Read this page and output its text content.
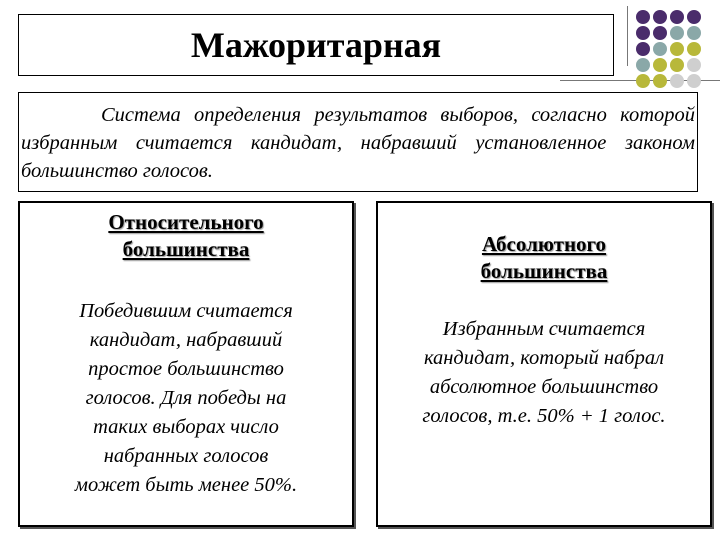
Мажоритарная
Система определения результатов выборов, согласно которой избранным считается кандидат, набравший установленное законом большинство голосов.
Относительного большинства
Победившим считается кандидат, набравший простое большинство голосов. Для победы на таких выборах число набранных голосов может быть менее 50%.
Абсолютного большинства
Избранным считается кандидат, который набрал абсолютное большинство голосов, т.е. 50% + 1 голос.
